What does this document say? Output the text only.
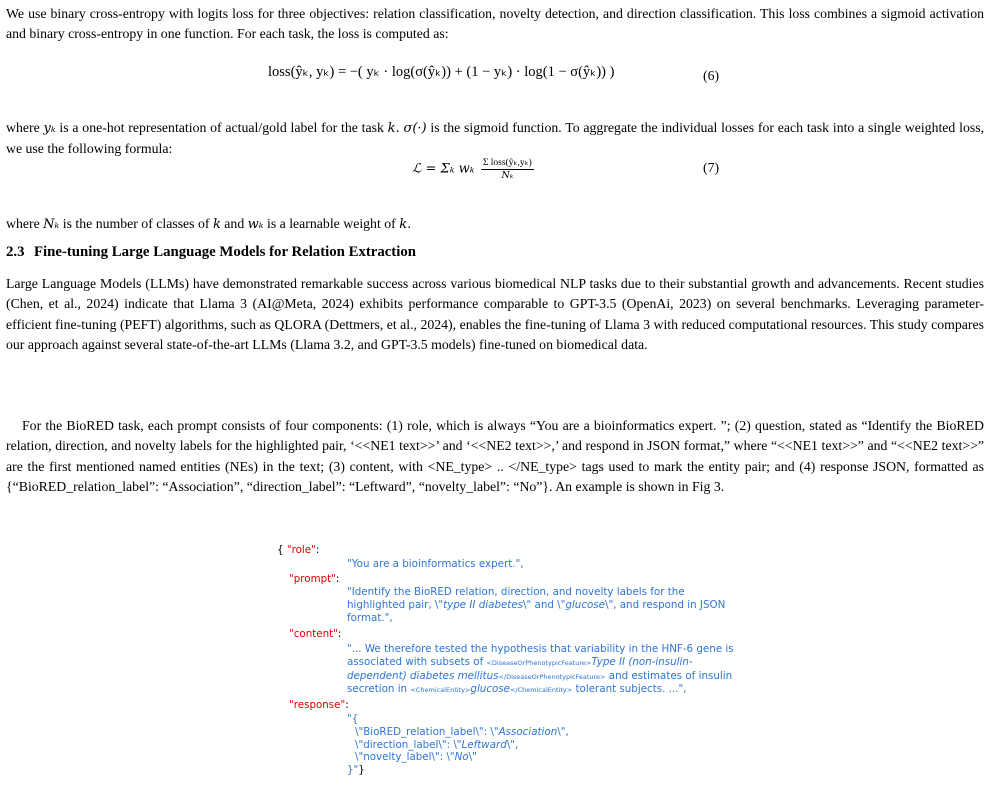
We use binary cross-entropy with logits loss for three objectives: relation classification, novelty detection, and direction classification. This loss combines a sigmoid activation and binary cross-entropy in one function. For each task, the loss is computed as:
loss(ŷₖ, yₖ) = −( yₖ · log(σ(ŷₖ)) + (1 − yₖ) · log(1 − σ(ŷₖ)) )	(6)
where yₖ is a one-hot representation of actual/gold label for the task k. σ(·) is the sigmoid function. To aggregate the individual losses for each task into a single weighted loss, we use the following formula:
ℒ = Σₖ wₖ Σ loss(ŷₖ,yₖ)
Nₖ
(7)
where Nₖ is the number of classes of k and wₖ is a learnable weight of k.
2.3 Fine-tuning Large Language Models for Relation Extraction
Large Language Models (LLMs) have demonstrated remarkable success across various biomedical NLP tasks due to their substantial growth and advancements. Recent studies (Chen, et al., 2024) indicate that Llama 3 (AI@Meta, 2024) exhibits performance comparable to GPT-3.5 (OpenAi, 2023) on several benchmarks. Leveraging parameter-efficient fine-tuning (PEFT) algorithms, such as QLORA (Dettmers, et al., 2024), enables the fine-tuning of Llama 3 with reduced computational resources. This study compares our approach against several state-of-the-art LLMs (Llama 3.2, and GPT-3.5 models) fine-tuned on biomedical data.
For the BioRED task, each prompt consists of four components: (1) role, which is always “You are a bioinformatics expert. ”; (2) question, stated as “Identify the BioRED relation, direction, and novelty labels for the highlighted pair, ‘<<NE1 text>>’ and ‘<<NE2 text>>,’ and respond in JSON format,” where “<<NE1 text>>” and “<<NE2 text>>” are the first mentioned named entities (NEs) in the text; (3) content, with <NE_type> .. </NE_type> tags used to mark the entity pair; and (4) response JSON, formatted as {“BioRED_relation_label”: “Association”, “direction_label”: “Leftward”, “novelty_label”: “No”}. An example is shown in Fig 3.
{ "role":
"You are a bioinformatics expert.",
"prompt":
"Identify the BioRED relation, direction, and novelty labels for the
highlighted pair, \"type II diabetes\" and \"glucose\", and respond in JSON
format.",
"content":
"... We therefore tested the hypothesis that variability in the HNF-6 gene is
associated with subsets of <DiseaseOrPhenotypicFeature>Type II (non-insulin-
dependent) diabetes mellitus</DiseaseOrPhenotypicFeature> and estimates of insulin
secretion in <ChemicalEntity>glucose</ChemicalEntity> tolerant subjects. ...",
"response":
"{
\"BioRED_relation_label\": \"Association\",
\"direction_label\": \"Leftward\",
\"novelty_label\": \"No\"
}"}
